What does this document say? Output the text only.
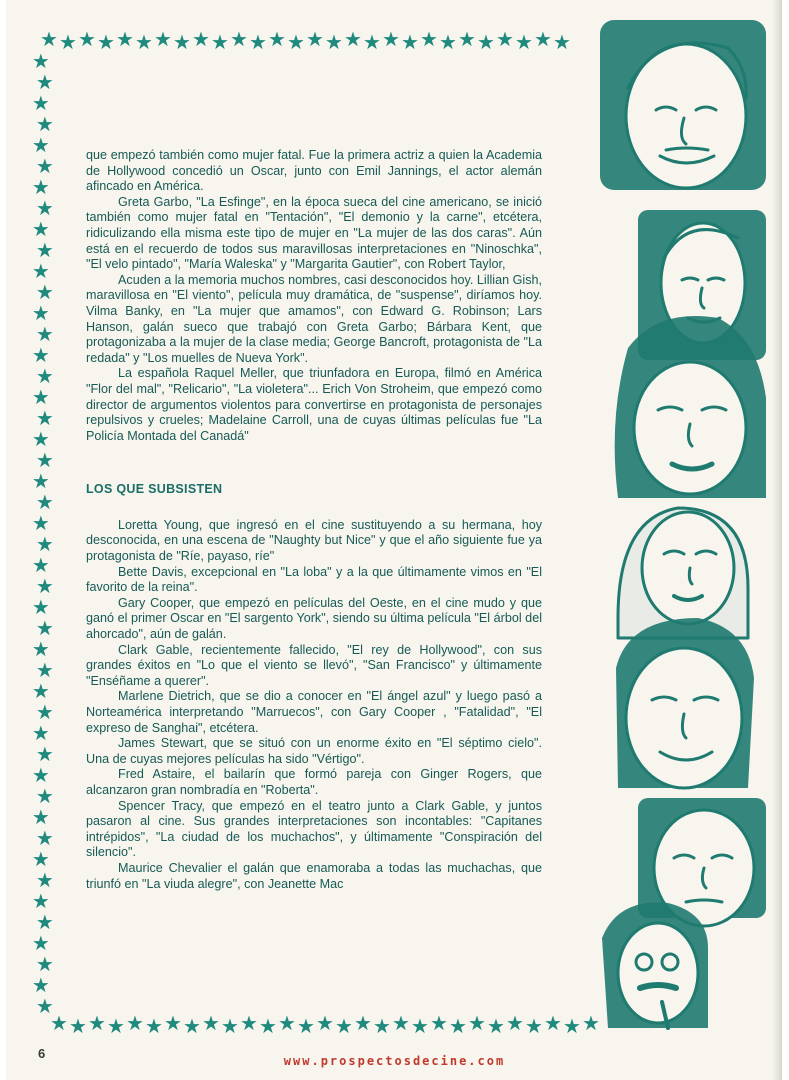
★ ★ ★ ★ ★ ★ ★ ★ ★ ★ ★ ★ ★ ★ ★ ★ ★ ★ ★ ★ ★ ★ ★ ★ ★ ★ ★ ★
★
★
★
★
★
★
★
★
★
★
★
★
★
★
★
★
★
★
★
★
★
★
★
★
★
★
★
★
★
★
★
★
★
★
★
★
★
★
★
★
★
★
★
★
★
★
★ ★ ★ ★ ★ ★ ★ ★ ★ ★ ★ ★ ★ ★ ★ ★ ★ ★ ★ ★ ★ ★ ★ ★ ★ ★ ★ ★ ★

que empezó también como mujer fatal. Fue la primera actriz a quien la Academia de Hollywood concedió un Oscar, junto con Emil Jannings, el actor alemán afincado en América.

Greta Garbo, "La Esfinge", en la época sueca del cine americano, se inició también como mujer fatal en "Tentación", "El demonio y la carne", etcétera, ridiculizando ella misma este tipo de mujer en "La mujer de las dos caras". Aún está en el recuerdo de todos sus maravillosas interpretaciones en "Ninoschka", "El velo pintado", "María Waleska" y "Margarita Gautier", con Robert Taylor,

Acuden a la memoria muchos nombres, casi desconocidos hoy. Lillian Gish, maravillosa en "El viento", película muy dramática, de "suspense", diríamos hoy. Vilma Banky, en "La mujer que amamos", con Edward G. Robinson; Lars Hanson, galán sueco que trabajó con Greta Garbo; Bárbara Kent, que protagonizaba a la mujer de la clase media; George Bancroft, protagonista de "La redada" y "Los muelles de Nueva York".

La española Raquel Meller, que triunfadora en Europa, filmó en América "Flor del mal", "Relicario", "La violetera"... Erich Von Stroheim, que empezó como director de argumentos violentos para convertirse en protagonista de personajes repulsivos y crueles; Madelaine Carroll, una de cuyas últimas películas fue "La Policía Montada del Canadá"

LOS QUE SUBSISTEN

Loretta Young, que ingresó en el cine sustituyendo a su hermana, hoy desconocida, en una escena de "Naughty but Nice" y que el año siguiente fue ya protagonista de "Ríe, payaso, ríe"

Bette Davis, excepcional en "La loba" y a la que últimamente vimos en "El favorito de la reina".

Gary Cooper, que empezó en películas del Oeste, en el cine mudo y que ganó el primer Oscar en "El sargento York", siendo su última película "El árbol del ahorcado", aún de galán.

Clark Gable, recientemente fallecido, "El rey de Hollywood", con sus grandes éxitos en "Lo que el viento se llevó", "San Francisco" y últimamente "Enséñame a querer".

Marlene Dietrich, que se dio a conocer en "El ángel azul" y luego pasó a Norteamérica interpretando "Marruecos", con Gary Cooper , "Fatalidad", "El expreso de Sanghai", etcétera.

James Stewart, que se situó con un enorme éxito en "El séptimo cielo". Una de cuyas mejores películas ha sido "Vértigo".

Fred Astaire, el bailarín que formó pareja con Ginger Rogers, que alcanzaron gran nombradía en "Roberta".

Spencer Tracy, que empezó en el teatro junto a Clark Gable, y juntos pasaron al cine. Sus grandes interpretaciones son incontables: "Capitanes intrépidos", "La ciudad de los muchachos", y últimamente "Conspiración del silencio".

Maurice Chevalier el galán que enamoraba a todas las muchachas, que triunfó en "La viuda alegre", con Jeanette Mac

6	www.prospectosdecine.com
